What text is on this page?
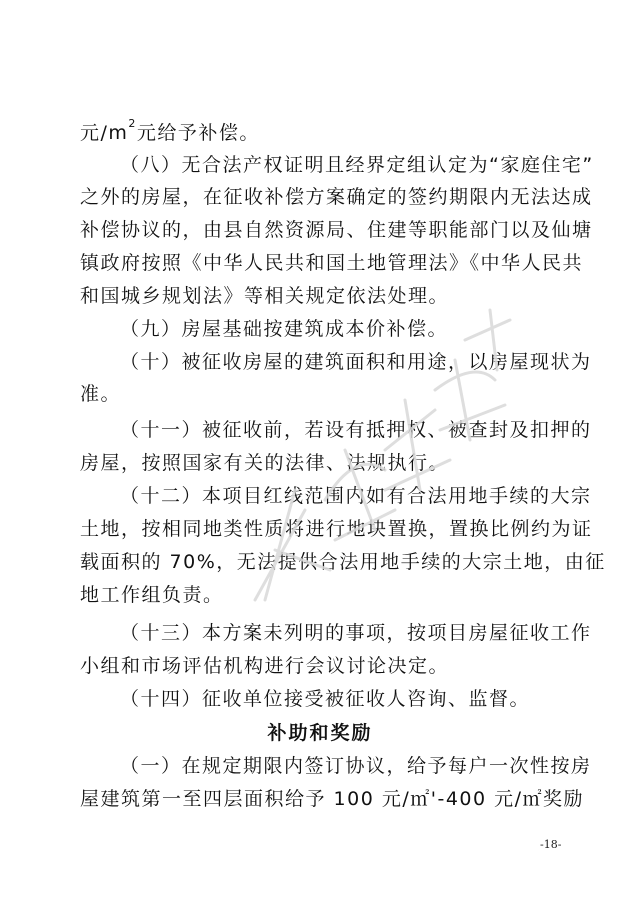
元$/m^2$元给予补偿。
（八）无合法产权证明且经界定组认定为“家庭住宅”
之外的房屋，在征收补偿方案确定的签约期限内无法达成
补偿协议的，由县自然资源局、住建等职能部门以及仙塘
镇政府按照《中华人民共和国土地管理法》《中华人民共
和国城乡规划法》等相关规定依法处理。
（九）房屋基础按建筑成本价补偿。
（十）被征收房屋的建筑面积和用途，以房屋现状为
准。
（十一）被征收前，若设有抵押权、被查封及扣押的
房屋，按照国家有关的法律、法规执行。
（十二）本项目红线范围内如有合法用地手续的大宗
土地，按相同地类性质将进行地块置换，置换比例约为证
载面积的 70%，无法提供合法用地手续的大宗土地，由征
地工作组负责。
（十三）本方案未列明的事项，按项目房屋征收工作
小组和市场评估机构进行会议讨论决定。
（十四）征收单位接受被征收人咨询、监督。
补助和奖励
（一）在规定期限内签订协议，给予每户一次性按房
屋建筑第一至四层面积给予 100 元/㎡'-400 元/㎡奖励
-18-
